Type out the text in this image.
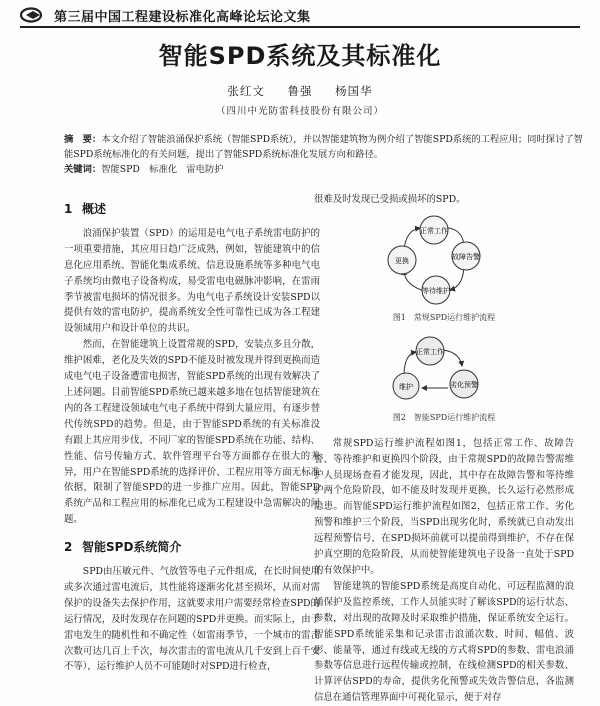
第三届中国工程建设标准化高峰论坛论文集
智能SPD系统及其标准化
张红文 鲁强 杨国华
（四川中光防雷科技股份有限公司）
摘　要：本文介绍了智能浪涌保护系统（智能SPD系统），并以智能建筑物为例介绍了智能SPD系统的工程应用；同时探讨了智能SPD系统标准化的有关问题，提出了智能SPD系统标准化发展方向和路径。
关键词：智能SPD　标准化　雷电防护
1 概述

浪涌保护装置（SPD）的运用是电气电子系统雷电防护的一项重要措施，其应用日趋广泛成熟，例如，智能建筑中的信息化应用系统、智能化集成系统、信息设施系统等多种电气电子系统均由微电子设备构成，易受雷电电磁脉冲影响，在雷雨季节被雷电损坏的情况很多。为电气电子系统设计安装SPD以提供有效的雷电防护，提高系统安全性可靠性已成为各工程建设领域用户和设计单位的共识。

然而，在智能建筑上设置常规的SPD，安装点多且分散，维护困难，老化及失效的SPD不能及时被发现并得到更换而造成电气电子设备遭雷电损害，智能SPD系统的出现有效解决了上述问题。目前智能SPD系统已越来越多地在包括智能建筑在内的各工程建设领域电气电子系统中得到大量应用，有逐步替代传统SPD的趋势。但是，由于智能SPD系统的有关标准没有跟上其应用步伐，不同厂家的智能SPD系统在功能、结构、性能、信号传输方式、软件管理平台等方面都存在很大的差异，用户在智能SPD系统的选择评价、工程应用等方面无标准依据，限制了智能SPD的进一步推广应用。因此，智能SPD系统产品和工程应用的标准化已成为工程建设中急需解决的问题。

2 智能SPD系统简介

SPD由压敏元件、气放管等电子元件组成，在长时间使用或多次通过雷电流后，其性能将逐渐劣化甚至损坏，从而对需保护的设备失去保护作用，这就要求用户需要经常检查SPD的运行情况，及时发现存在问题的SPD并更换。而实际上，由于雷电发生的随机性和不确定性（如雷雨季节，一个城市的雷击次数可达几百上千次，每次雷击的雷电流从几千安到上百千安不等），运行维护人员不可能随时对SPD进行检查，

很难及时发现已受损或损坏的SPD。

正常工作
故障告警
等待维护
更换
图1　常规SPD运行维护流程
正常工作
劣化预警
维护
图2　智能SPD运行维护流程

常规SPD运行维护流程如图1，包括正常工作、故障告警、等待维护和更换四个阶段，由于常规SPD的故障告警需维护人员现场查看才能发现，因此，其中存在故障告警和等待维护两个危险阶段，如不能及时发现并更换，长久运行必然形成隐患。而智能SPD运行维护流程如图2，包括正常工作、劣化预警和维护三个阶段，当SPD出现劣化时，系统就已自动发出远程预警信号，在SPD损坏前就可以提前得到维护，不存在保护真空期的危险阶段，从而使智能建筑电子设备一直处于SPD的有效保护中。

智能建筑的智能SPD系统是高度自动化、可远程监测的浪涌保护及监控系统，工作人员能实时了解该SPD的运行状态、参数，对出现的故障及时采取维护措施，保证系统安全运行。智能SPD系统能采集和记录雷击浪涌次数、时间、幅值、波形、能量等，通过有线或无线的方式将SPD的参数、雷电浪涌参数等信息进行远程传输或控制，在线检测SPD的相关参数、计算评估SPD的寿命，提供劣化预警或失效告警信息，各监测信息在通信管理界面中可视化显示，便于对存
